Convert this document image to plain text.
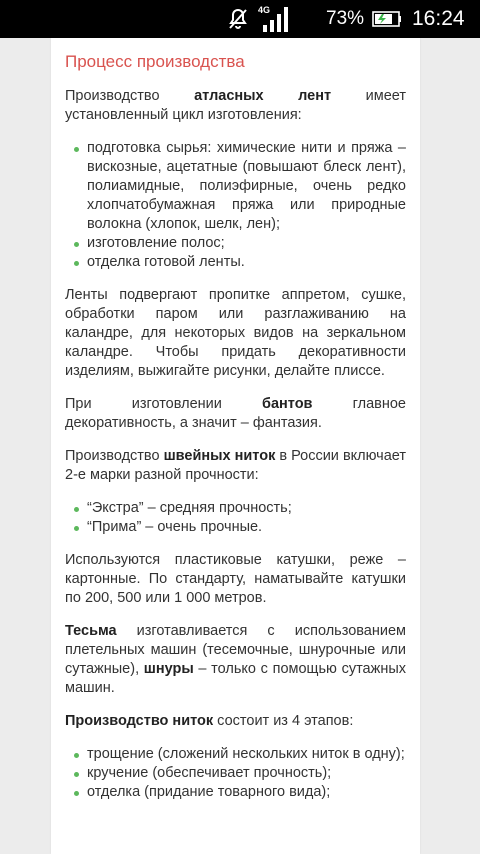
4G	73% 16:24
Процесс производства

Производство атласных лент имеет установленный цикл изготовления:

подготовка сырья: химические нити и пряжа – вискозные, ацетатные (повышают блеск лент), полиамидные, полиэфирные, очень редко хлопчатобумажная пряжа или природные волокна (хлопок, шелк, лен);
изготовление полос;
отделка готовой ленты.

Ленты подвергают пропитке аппретом, сушке, обработки паром или разглаживанию на каландре, для некоторых видов на зеркальном каландре. Чтобы придать декоративности изделиям, выжигайте рисунки, делайте плиссе.

При изготовлении бантов главное декоративность, а значит – фантазия.

Производство швейных ниток в России включает 2-е марки разной прочности:

“Экстра” – средняя прочность;
“Прима” – очень прочные.

Используются пластиковые катушки, реже – картонные. По стандарту, наматывайте катушки по 200, 500 или 1 000 метров.

Тесьма изготавливается с использованием плетельных машин (тесемочные, шнурочные или сутажные), шнуры – только с помощью сутажных машин.

Производство ниток состоит из 4 этапов:

трощение (сложений нескольких ниток в одну);
кручение (обеспечивает прочность);
отделка (придание товарного вида);
